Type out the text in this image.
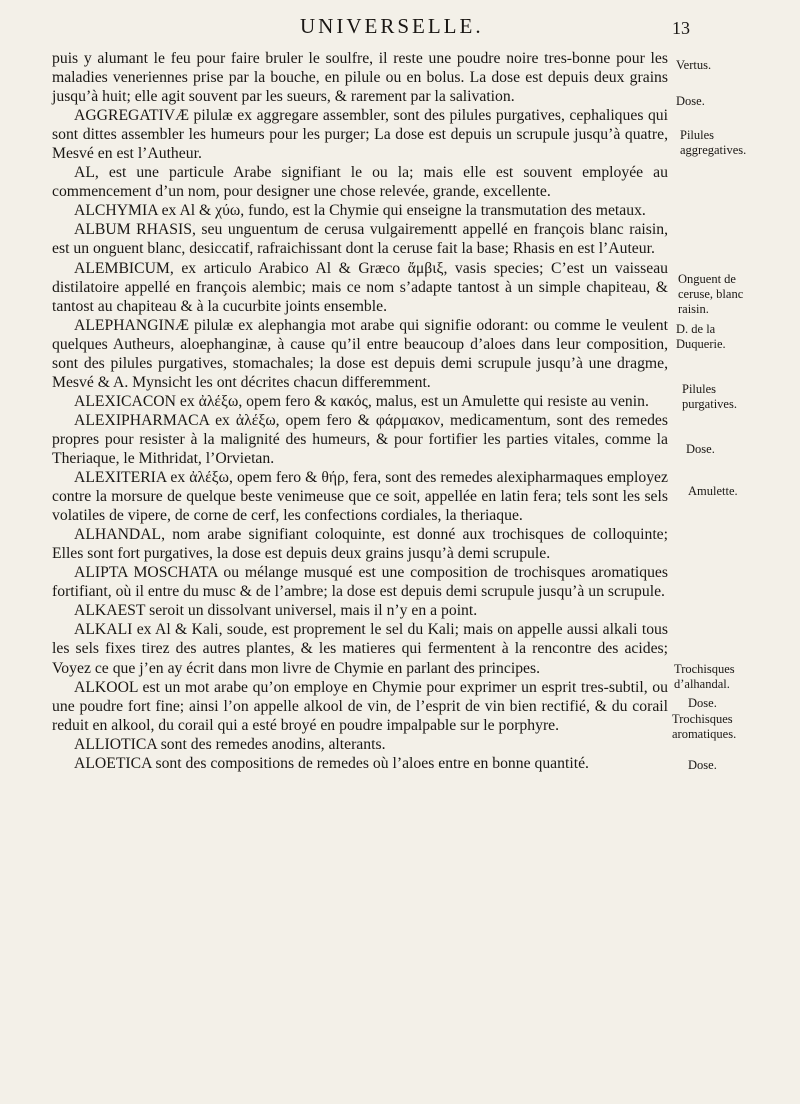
UNIVERSELLE.	13

puis y alumant le feu pour faire bruler le soulfre, il reste une poudre noire tres-bonne pour les maladies veneriennes prise par la bouche, en pilule ou en bolus. La dose est depuis deux grains jusqu’à huit; elle agit souvent par les sueurs, & rarement par la salivation.

AGGREGATIVÆ pilulæ ex aggregare assembler, sont des pilules purgatives, cephaliques qui sont dittes assembler les humeurs pour les purger; La dose est depuis un scrupule jusqu’à quatre, Mesvé en est l’Autheur.

AL, est une particule Arabe signifiant le ou la; mais elle est souvent employée au commencement d’un nom, pour designer une chose relevée, grande, excellente.

ALCHYMIA ex Al & χύω, fundo, est la Chymie qui enseigne la transmutation des metaux.

ALBUM RHASIS, seu unguentum de cerusa vulgairementt appellé en françois blanc raisin, est un onguent blanc, desiccatif, rafraichissant dont la ceruse fait la base; Rhasis en est l’Auteur.

ALEMBICUM, ex articulo Arabico Al & Græco ἄμβιξ, vasis species; C’est un vaisseau distilatoire appellé en françois alembic; mais ce nom s’adapte tantost à un simple chapiteau, & tantost au chapiteau & à la cucurbite joints ensemble.

ALEPHANGINÆ pilulæ ex alephangia mot arabe qui signifie odorant: ou comme le veulent quelques Autheurs, aloephanginæ, à cause qu’il entre beaucoup d’aloes dans leur composition, sont des pilules purgatives, stomachales; la dose est depuis demi scrupule jusqu’à une dragme, Mesvé & A. Mynsicht les ont décrites chacun differemment.

ALEXICACON ex ἀλέξω, opem fero & κακός, malus, est un Amulette qui resiste au venin.

ALEXIPHARMACA ex ἀλέξω, opem fero & φάρμακον, medicamentum, sont des remedes propres pour resister à la malignité des humeurs, & pour fortifier les parties vitales, comme la Theriaque, le Mithridat, l’Orvietan.

ALEXITERIA ex ἀλέξω, opem fero & θήρ, fera, sont des remedes alexipharmaques employez contre la morsure de quelque beste venimeuse que ce soit, appellée en latin fera; tels sont les sels volatiles de vipere, de corne de cerf, les confections cordiales, la theriaque.

ALHANDAL, nom arabe signifiant coloquinte, est donné aux trochisques de colloquinte; Elles sont fort purgatives, la dose est depuis deux grains jusqu’à demi scrupule.

ALIPTA MOSCHATA ou mélange musqué est une composition de trochisques aromatiques fortifiant, où il entre du musc & de l’ambre; la dose est depuis demi scrupule jusqu’à un scrupule.

ALKAEST seroit un dissolvant universel, mais il n’y en a point.

ALKALI ex Al & Kali, soude, est proprement le sel du Kali; mais on appelle aussi alkali tous les sels fixes tirez des autres plantes, & les matieres qui fermentent à la rencontre des acides; Voyez ce que j’en ay écrit dans mon livre de Chymie en parlant des principes.

ALKOOL est un mot arabe qu’on employe en Chymie pour exprimer un esprit tres-subtil, ou une poudre fort fine; ainsi l’on appelle alkool de vin, de l’esprit de vin bien rectifié, & du corail reduit en alkool, du corail qui a esté broyé en poudre impalpable sur le porphyre.

ALLIOTICA sont des remedes anodins, alterants.

ALOETICA sont des compositions de remedes où l’aloes entre en bonne quantité.

Vertus.
Dose.
Pilules aggregatives.
Onguent de ceruse, blanc raisin.
D. de la Duquerie.
Pilules purgatives.
Dose.
Amulette.
Trochisques d’alhandal.
Dose.
Trochisques aromatiques.
Dose.
